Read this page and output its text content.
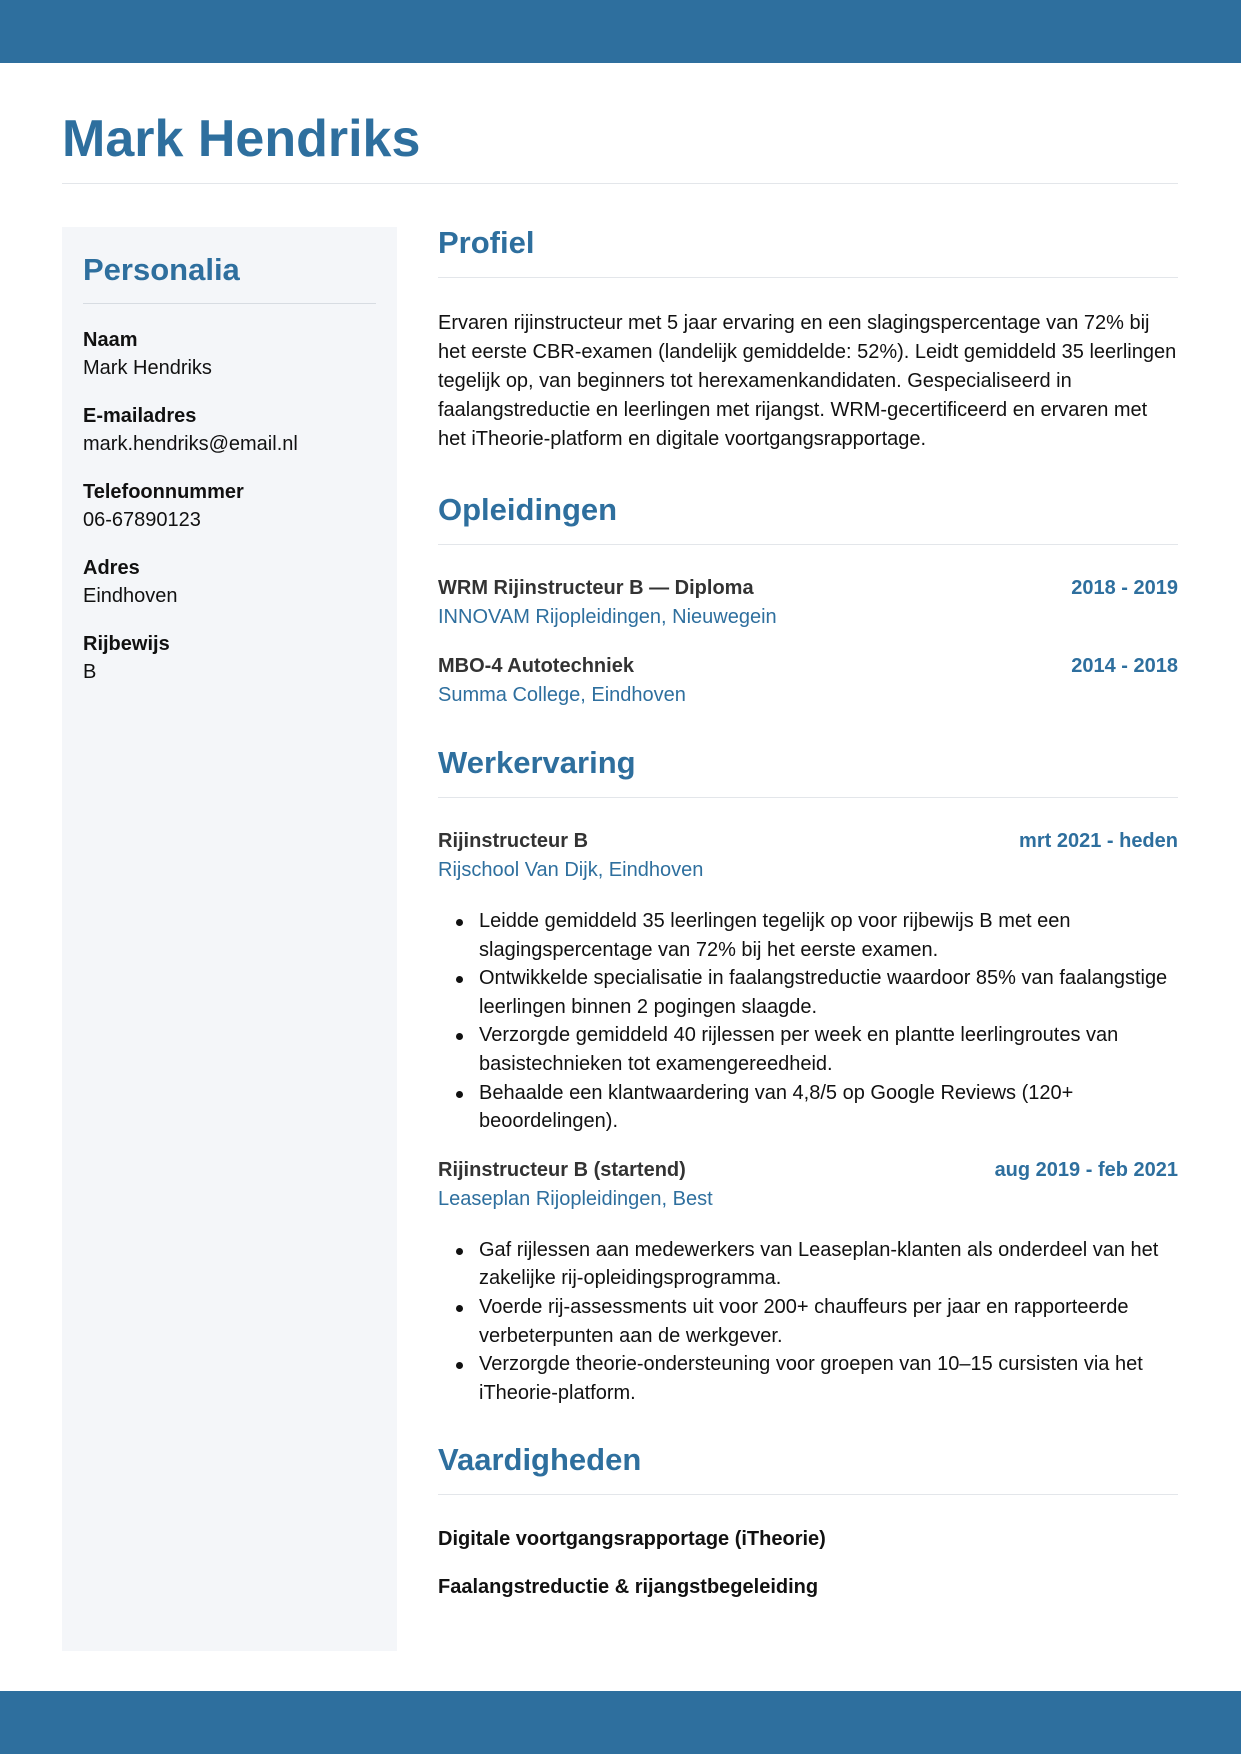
Mark Hendriks
Personalia
Naam
Mark Hendriks
E-mailadres
mark.hendriks@email.nl
Telefoonnummer
06-67890123
Adres
Eindhoven
Rijbewijs
B
Profiel

Ervaren rijinstructeur met 5 jaar ervaring en een slagingspercentage van 72% bij het eerste CBR-examen (landelijk gemiddelde: 52%). Leidt gemiddeld 35 leerlingen tegelijk op, van beginners tot herexamenkandidaten. Gespecialiseerd in faalangstreductie en leerlingen met rijangst. WRM-gecertificeerd en ervaren met het iTheorie-platform en digitale voortgangsrapportage.

Opleidingen
WRM Rijinstructeur B — Diploma	2018 - 2019
INNOVAM Rijopleidingen, Nieuwegein
MBO-4 Autotechniek	2014 - 2018
Summa College, Eindhoven
Werkervaring
Rijinstructeur B	mrt 2021 - heden
Rijschool Van Dijk, Eindhoven
Leidde gemiddeld 35 leerlingen tegelijk op voor rijbewijs B met een slagingspercentage van 72% bij het eerste examen.
Ontwikkelde specialisatie in faalangstreductie waardoor 85% van faalangstige leerlingen binnen 2 pogingen slaagde.
Verzorgde gemiddeld 40 rijlessen per week en plantte leerlingroutes van basistechnieken tot examengereedheid.
Behaalde een klantwaardering van 4,8/5 op Google Reviews (120+ beoordelingen).
Rijinstructeur B (startend)	aug 2019 - feb 2021
Leaseplan Rijopleidingen, Best
Gaf rijlessen aan medewerkers van Leaseplan-klanten als onderdeel van het zakelijke rij-opleidingsprogramma.
Voerde rij-assessments uit voor 200+ chauffeurs per jaar en rapporteerde verbeterpunten aan de werkgever.
Verzorgde theorie-ondersteuning voor groepen van 10–15 cursisten via het iTheorie-platform.
Vaardigheden
Digitale voortgangsrapportage (iTheorie)
Faalangstreductie & rijangstbegeleiding
